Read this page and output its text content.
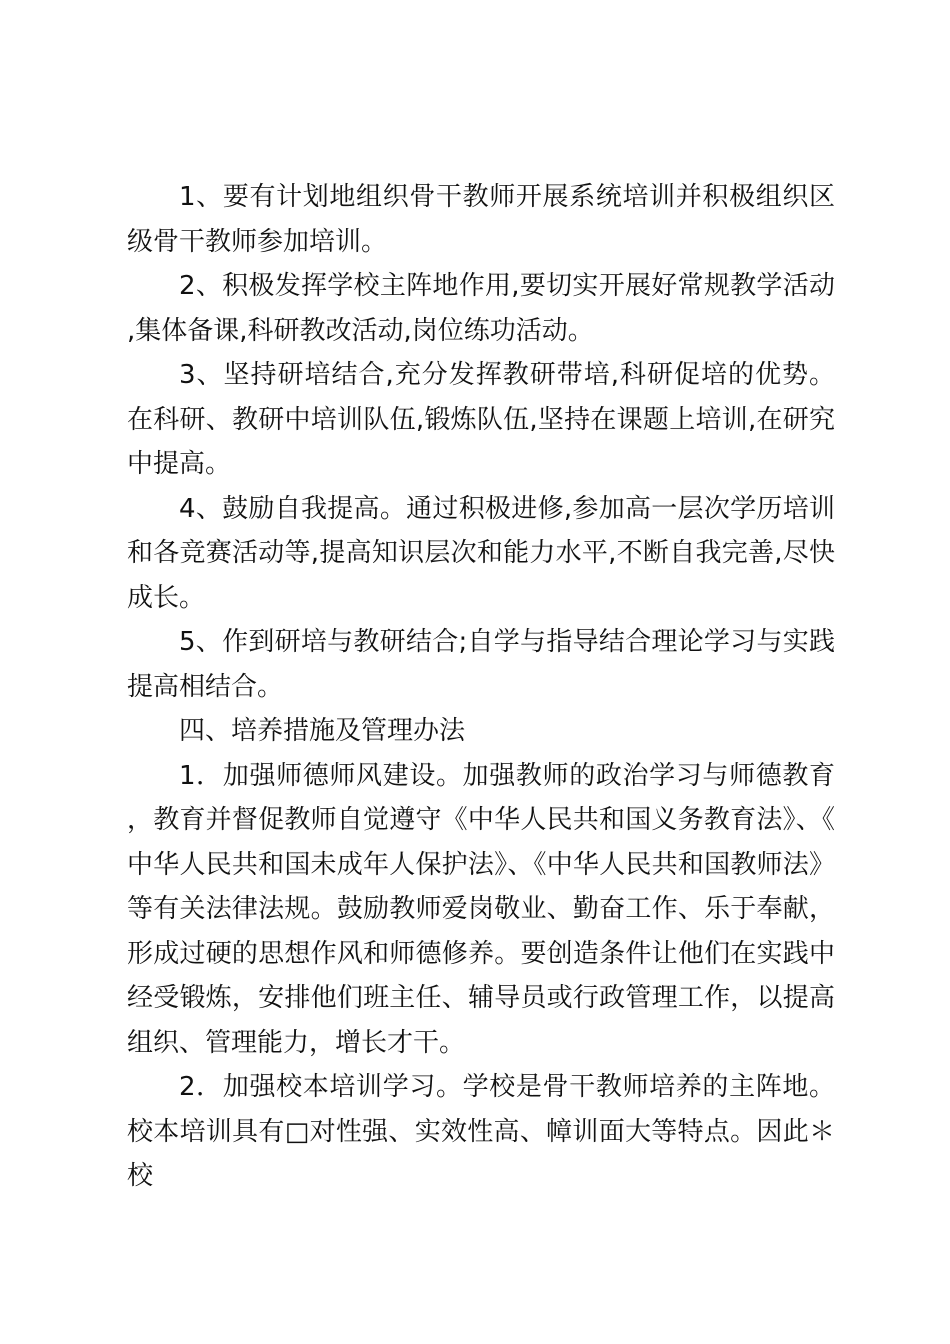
1、要有计划地组织骨干教师开展系统培训并积极组织区级骨干教师参加培训。

2、积极发挥学校主阵地作用,要切实开展好常规教学活动,集体备课,科研教改活动,岗位练功活动。

3、坚持研培结合,充分发挥教研带培,科研促培的优势。在科研、教研中培训队伍,锻炼队伍,坚持在课题上培训,在研究中提高。

4、鼓励自我提高。通过积极进修,参加高一层次学历培训和各竞赛活动等,提高知识层次和能力水平,不断自我完善,尽快成长。

5、作到研培与教研结合;自学与指导结合理论学习与实践提高相结合。

四、培养措施及管理办法

1．加强师德师风建设。加强教师的政治学习与师德教育，教育并督促教师自觉遵守《中华人民共和国义务教育法》、《中华人民共和国未成年人保护法》、《中华人民共和国教师法》等有关法律法规。鼓励教师爱岗敬业、勤奋工作、乐于奉献，形成过硬的思想作风和师德修养。要创造条件让他们在实践中经受锻炼，安排他们班主任、辅导员或行政管理工作，以提高组织、管理能力，增长才干。

2．加强校本培训学习。学校是骨干教师培养的主阵地。校本培训具有□对性强、实效性高、幛训面大等特点。因此＊校
